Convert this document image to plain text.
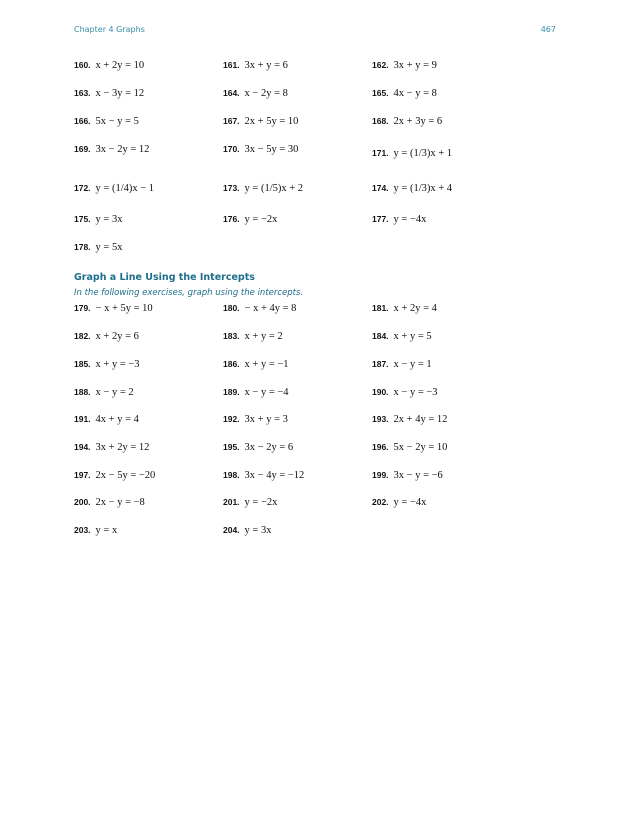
Chapter 4 Graphs	467
160. x + 2y = 10	161. 3x + y = 6	162. 3x + y = 9
163. x − 3y = 12	164. x − 2y = 8	165. 4x − y = 8
166. 5x − y = 5	167. 2x + 5y = 10	168. 2x + 3y = 6
169. 3x − 2y = 12	170. 3x − 5y = 30	171. y = (1/3)x + 1
172. y = (1/4)x − 1	173. y = (1/5)x + 2	174. y = (1/3)x + 4
175. y = 3x	176. y = −2x	177. y = −4x
178. y = 5x
Graph a Line Using the Intercepts
In the following exercises, graph using the intercepts.
179. − x + 5y = 10	180. − x + 4y = 8	181. x + 2y = 4
182. x + 2y = 6	183. x + y = 2	184. x + y = 5
185. x + y = −3	186. x + y = −1	187. x − y = 1
188. x − y = 2	189. x − y = −4	190. x − y = −3
191. 4x + y = 4	192. 3x + y = 3	193. 2x + 4y = 12
194. 3x + 2y = 12	195. 3x − 2y = 6	196. 5x − 2y = 10
197. 2x − 5y = −20	198. 3x − 4y = −12	199. 3x − y = −6
200. 2x − y = −8	201. y = −2x	202. y = −4x
203. y = x	204. y = 3x
